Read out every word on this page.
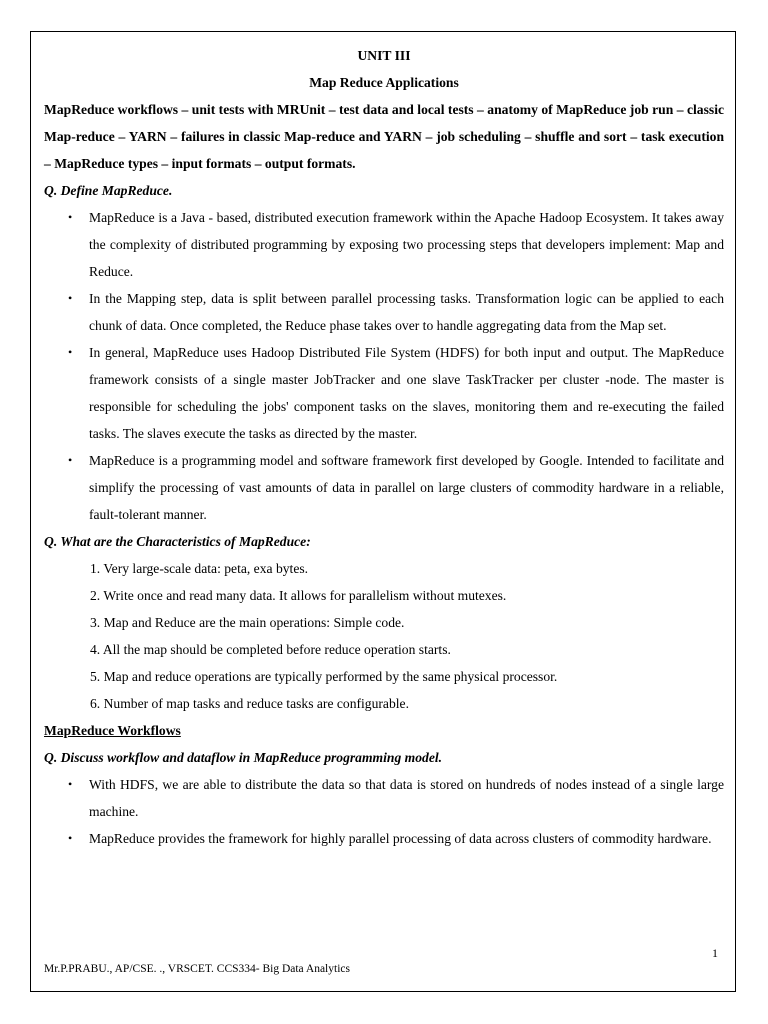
UNIT III

Map Reduce Applications

MapReduce workflows – unit tests with MRUnit – test data and local tests – anatomy of MapReduce job run – classic Map-reduce – YARN – failures in classic Map-reduce and YARN – job scheduling – shuffle and sort – task execution – MapReduce types – input formats – output formats.

Q. Define MapReduce.

• MapReduce is a Java - based, distributed execution framework within the Apache Hadoop Ecosystem. It takes away the complexity of distributed programming by exposing two processing steps that developers implement: Map and Reduce.
• In the Mapping step, data is split between parallel processing tasks. Transformation logic can be applied to each chunk of data. Once completed, the Reduce phase takes over to handle aggregating data from the Map set.
• In general, MapReduce uses Hadoop Distributed File System (HDFS) for both input and output. The MapReduce framework consists of a single master JobTracker and one slave TaskTracker per cluster -node. The master is responsible for scheduling the jobs' component tasks on the slaves, monitoring them and re-executing the failed tasks. The slaves execute the tasks as directed by the master.
• MapReduce is a programming model and software framework first developed by Google. Intended to facilitate and simplify the processing of vast amounts of data in parallel on large clusters of commodity hardware in a reliable, fault-tolerant manner.

Q. What are the Characteristics of MapReduce:

1. Very large-scale data: peta, exa bytes.
2. Write once and read many data. It allows for parallelism without mutexes.
3. Map and Reduce are the main operations: Simple code.
4. All the map should be completed before reduce operation starts.
5. Map and reduce operations are typically performed by the same physical processor.
6. Number of map tasks and reduce tasks are configurable.

MapReduce Workflows

Q. Discuss workflow and dataflow in MapReduce programming model.

• With HDFS, we are able to distribute the data so that data is stored on hundreds of nodes instead of a single large machine.
• MapReduce provides the framework for highly parallel processing of data across clusters of commodity hardware.
1
Mr.P.PRABU., AP/CSE. ., VRSCET. CCS334- Big Data Analytics
